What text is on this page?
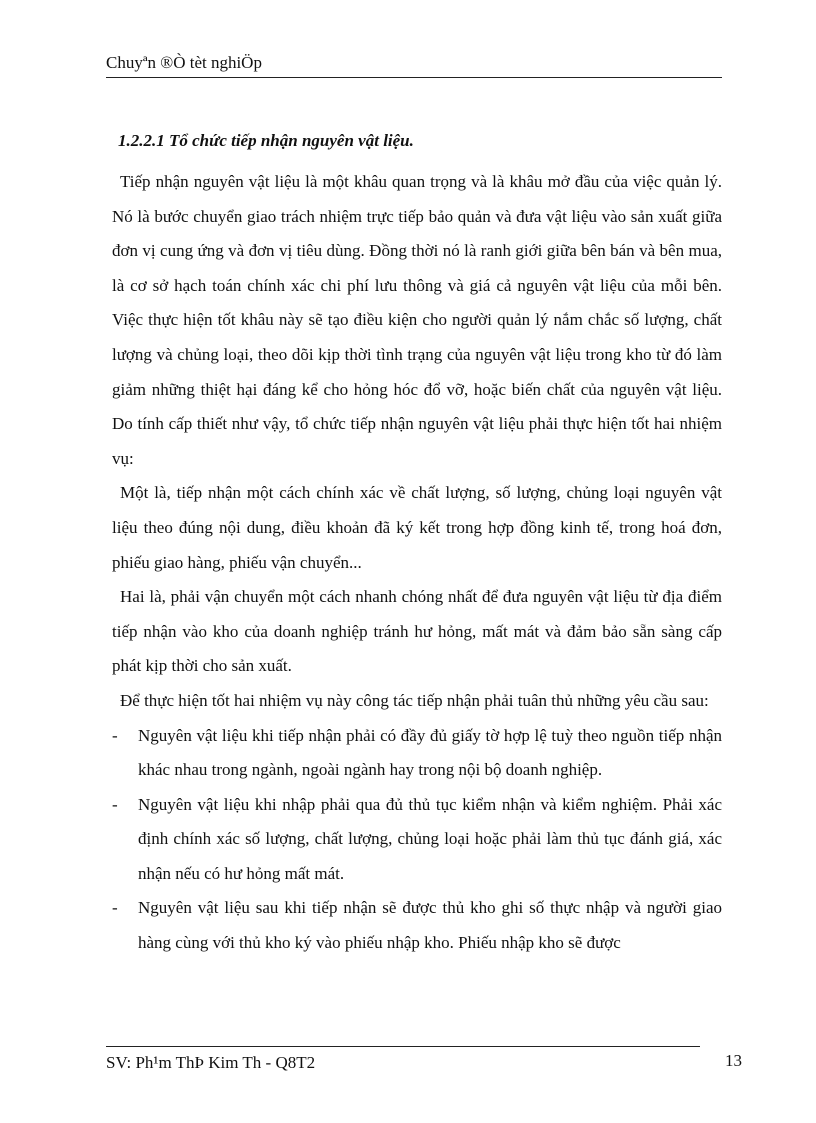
Chuyªn ®Ò tèt nghiÖp
1.2.2.1 Tổ chức tiếp nhận nguyên vật liệu.

Tiếp nhận nguyên vật liệu là một khâu quan trọng và là khâu mở đầu của việc quản lý. Nó là bước chuyển giao trách nhiệm trực tiếp bảo quản và đưa vật liệu vào sản xuất giữa đơn vị cung ứng và đơn vị tiêu dùng. Đồng thời nó là ranh giới giữa bên bán và bên mua, là cơ sở hạch toán chính xác chi phí lưu thông và giá cả nguyên vật liệu của mỗi bên. Việc thực hiện tốt khâu này sẽ tạo điều kiện cho người quản lý nắm chắc số lượng, chất lượng và chủng loại, theo dõi kịp thời tình trạng của nguyên vật liệu trong kho từ đó làm giảm những thiệt hại đáng kể cho hỏng hóc đổ vỡ, hoặc biến chất của nguyên vật liệu. Do tính cấp thiết như vậy, tổ chức tiếp nhận nguyên vật liệu phải thực hiện tốt hai nhiệm vụ:

Một là, tiếp nhận một cách chính xác về chất lượng, số lượng, chủng loại nguyên vật liệu theo đúng nội dung, điều khoản đã ký kết trong hợp đồng kinh tế, trong hoá đơn, phiếu giao hàng, phiếu vận chuyển...

Hai là, phải vận chuyển một cách nhanh chóng nhất để đưa nguyên vật liệu từ địa điểm tiếp nhận vào kho của doanh nghiệp tránh hư hỏng, mất mát và đảm bảo sẵn sàng cấp phát kịp thời cho sản xuất.

Để thực hiện tốt hai nhiệm vụ này công tác tiếp nhận phải tuân thủ những yêu cầu sau:

- Nguyên vật liệu khi tiếp nhận phải có đầy đủ giấy tờ hợp lệ tuỳ theo nguồn tiếp nhận khác nhau trong ngành, ngoài ngành hay trong nội bộ doanh nghiệp.
- Nguyên vật liệu khi nhập phải qua đủ thủ tục kiểm nhận và kiểm nghiệm. Phải xác định chính xác số lượng, chất lượng, chủng loại hoặc phải làm thủ tục đánh giá, xác nhận nếu có hư hỏng mất mát.
- Nguyên vật liệu sau khi tiếp nhận sẽ được thủ kho ghi số thực nhập và người giao hàng cùng với thủ kho ký vào phiếu nhập kho. Phiếu nhập kho sẽ được
SV: Ph¹m ThÞ Kim Th - Q8T2	13
